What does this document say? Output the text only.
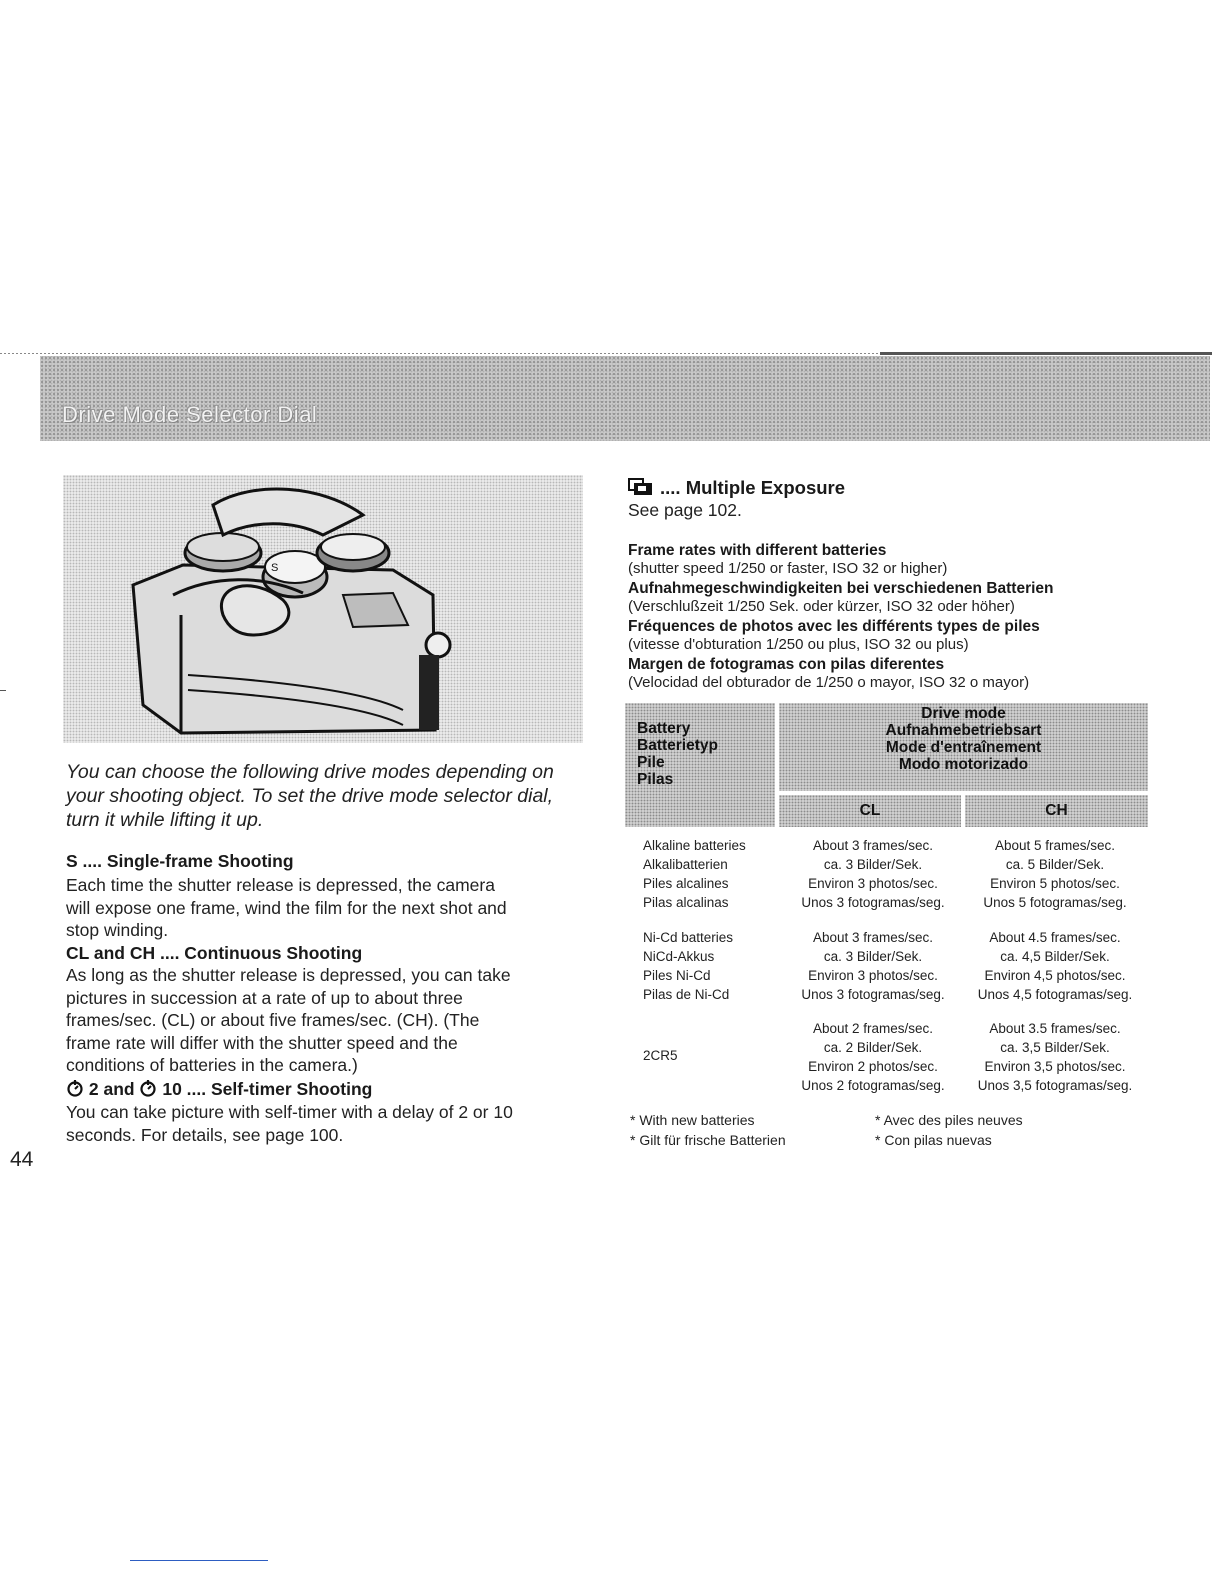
Drive Mode Selector Dial
S
You can choose the following drive modes depending on your shooting object. To set the drive mode selector dial, turn it while lifting it up.
S .... Single-frame Shooting
Each time the shutter release is depressed, the camera
will expose one frame, wind the film for the next shot and
stop winding.
CL and CH .... Continuous Shooting
As long as the shutter release is depressed, you can take
pictures in succession at a rate of up to about three
frames/sec. (CL) or about five frames/sec. (CH). (The
frame rate will differ with the shutter speed and the
conditions of batteries in the camera.)
2 and 10 .... Self-timer Shooting
You can take picture with self-timer with a delay of 2 or 10
seconds. For details, see page 100.
44
.... Multiple Exposure
See page 102.
Frame rates with different batteries
(shutter speed 1/250 or faster, ISO 32 or higher)
Aufnahmegeschwindigkeiten bei verschiedenen Batterien
(Verschlußzeit 1/250 Sek. oder kürzer, ISO 32 oder höher)
Fréquences de photos avec les différents types de piles
(vitesse d'obturation 1/250 ou plus, ISO 32 ou plus)
Margen de fotogramas con pilas diferentes
(Velocidad del obturador de 1/250 o mayor, ISO 32 o mayor)
Battery
Batterietyp
Pile
Pilas
Drive mode
Aufnahmebetriebsart
Mode d'entraînement
Modo motorizado
CL	CH
Alkaline batteries
Alkalibatterien
Piles alcalines
Pilas alcalinas
About 3 frames/sec.
ca. 3 Bilder/Sek.
Environ 3 photos/sec.
Unos 3 fotogramas/seg.
About 5 frames/sec.
ca. 5 Bilder/Sek.
Environ 5 photos/sec.
Unos 5 fotogramas/seg.
Ni-Cd batteries
NiCd-Akkus
Piles Ni-Cd
Pilas de Ni-Cd
About 3 frames/sec.
ca. 3 Bilder/Sek.
Environ 3 photos/sec.
Unos 3 fotogramas/seg.
About 4.5 frames/sec.
ca. 4,5 Bilder/Sek.
Environ 4,5 photos/sec.
Unos 4,5 fotogramas/seg.
2CR5
About 2 frames/sec.
ca. 2 Bilder/Sek.
Environ 2 photos/sec.
Unos 2 fotogramas/seg.
About 3.5 frames/sec.
ca. 3,5 Bilder/Sek.
Environ 3,5 photos/sec.
Unos 3,5 fotogramas/seg.
* With new batteries
* Gilt für frische Batterien
* Avec des piles neuves
* Con pilas nuevas
